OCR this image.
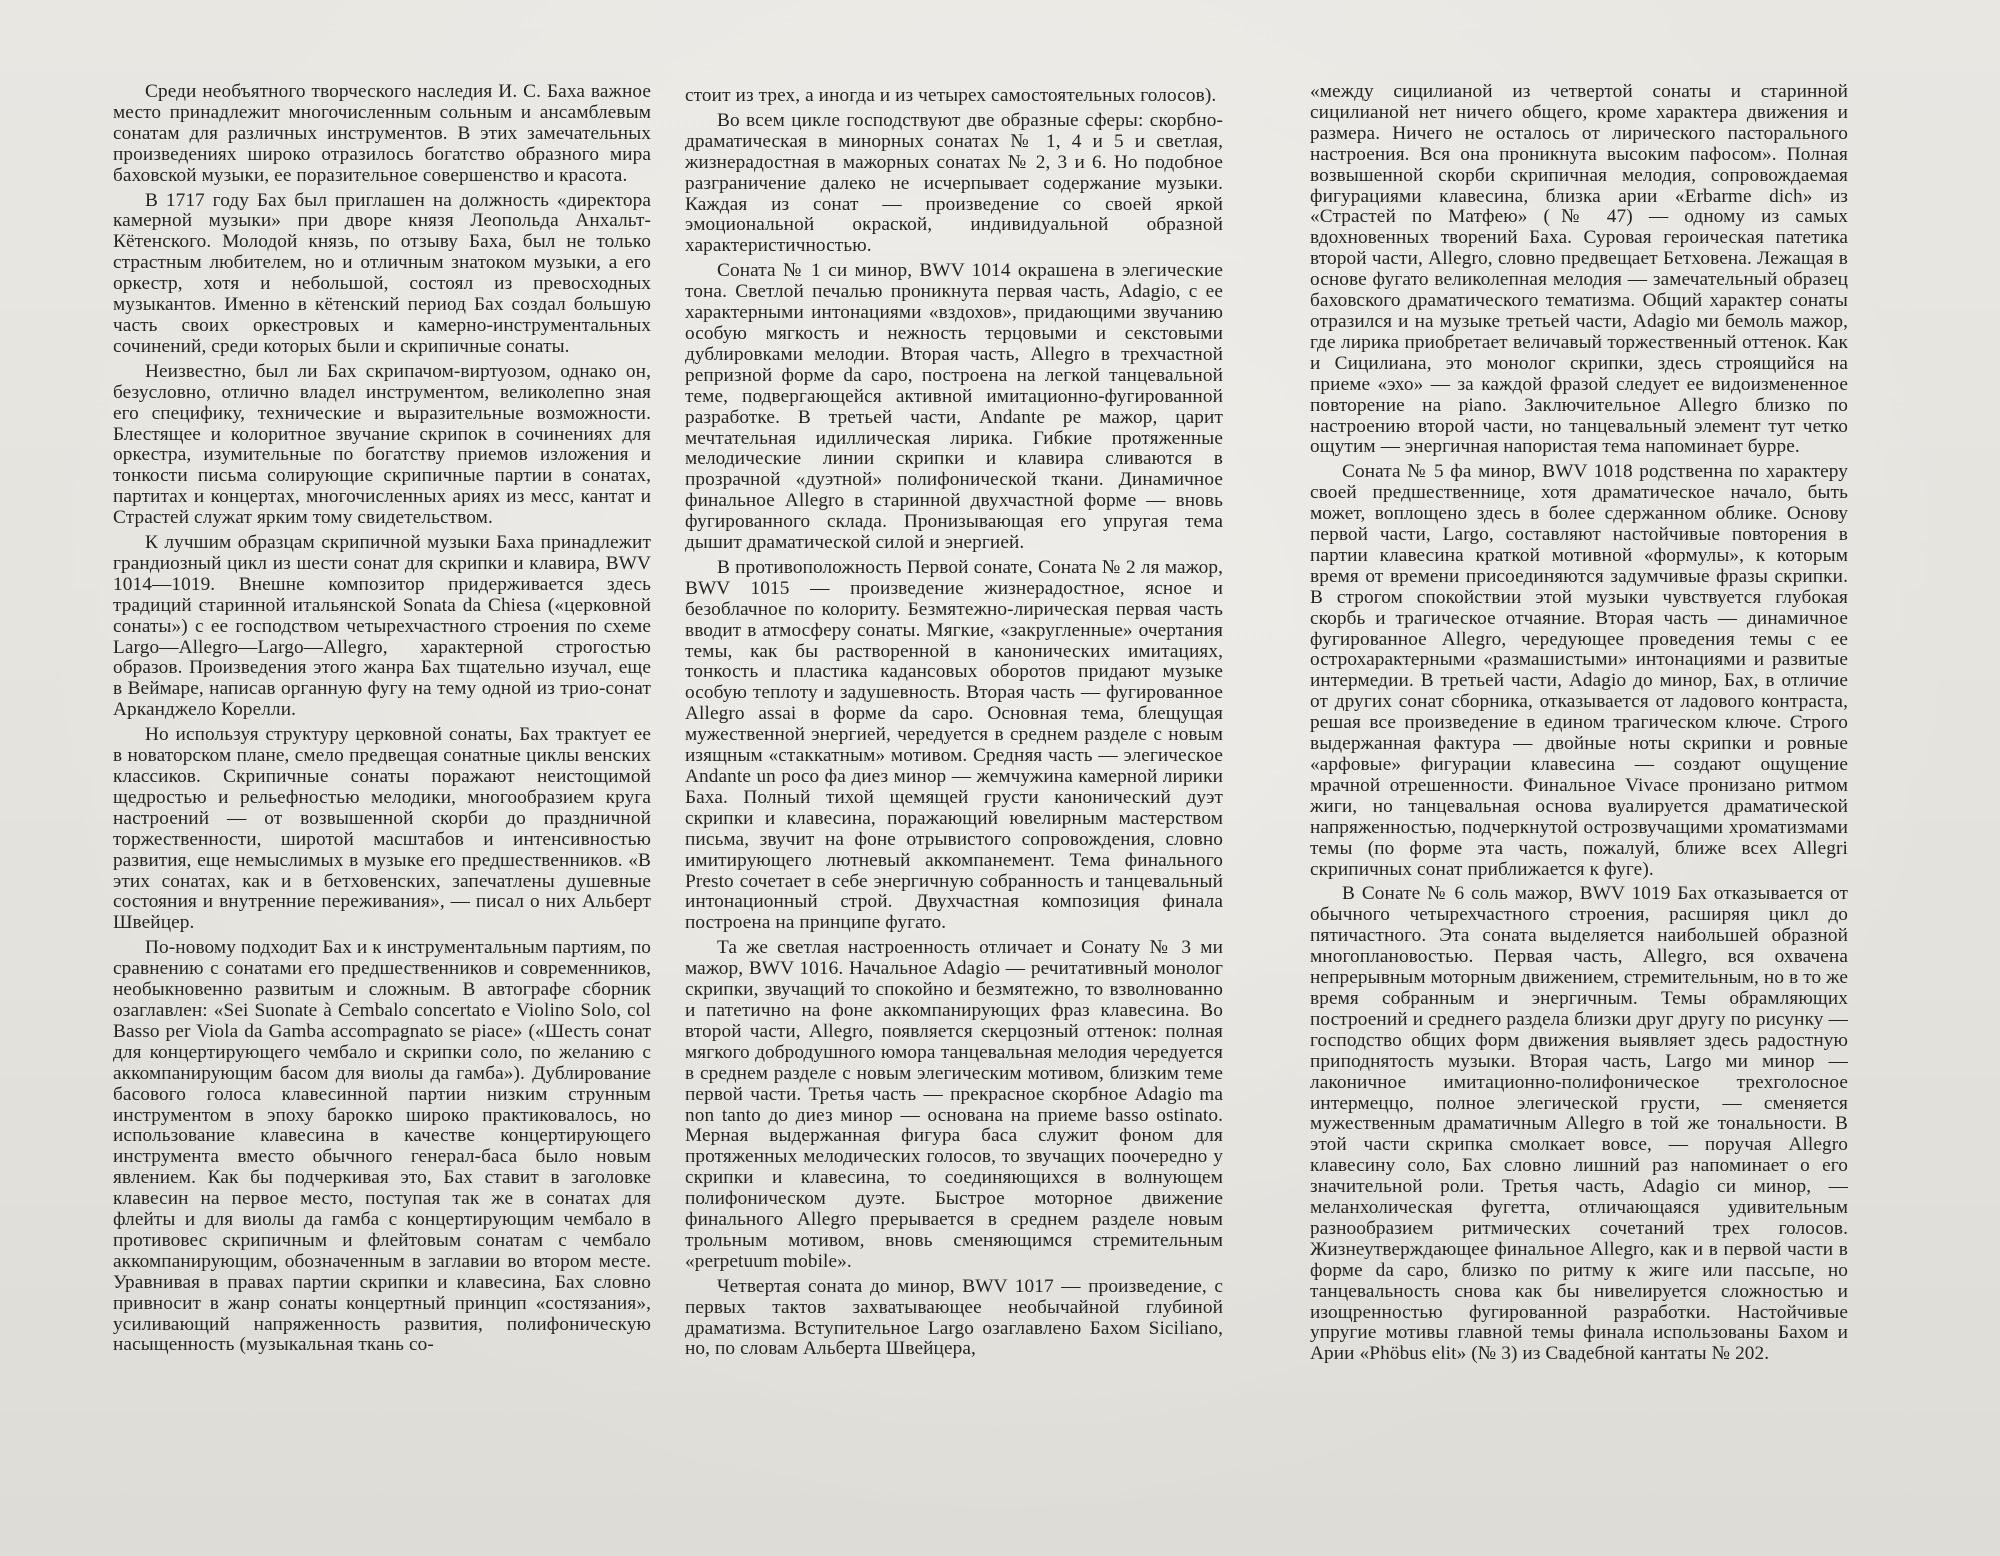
Среди необъятного творческого наследия И. С. Баха важное место принадлежит многочисленным сольным и ансамблевым сонатам для различных инструментов. В этих замечательных произведениях широко отразилось богатство образного мира баховской музыки, ее поразительное совершенство и красота.

В 1717 году Бах был приглашен на должность «директора камерной музыки» при дворе князя Леопольда Анхальт-Кётенского. Молодой князь, по отзыву Баха, был не только страстным любителем, но и отличным знатоком музыки, а его оркестр, хотя и небольшой, состоял из превосходных музыкантов. Именно в кётенский период Бах создал большую часть своих оркестровых и камерно-инструментальных сочинений, среди которых были и скрипичные сонаты.

Неизвестно, был ли Бах скрипачом-виртуозом, однако он, безусловно, отлично владел инструментом, великолепно зная его специфику, технические и выразительные возможности. Блестящее и колоритное звучание скрипок в сочинениях для оркестра, изумительные по богатству приемов изложения и тонкости письма солирующие скрипичные партии в сонатах, партитах и концертах, многочисленных ариях из месс, кантат и Страстей служат ярким тому свидетельством.

К лучшим образцам скрипичной музыки Баха принадлежит грандиозный цикл из шести сонат для скрипки и клавира, BWV 1014—1019. Внешне композитор придерживается здесь традиций старинной итальянской Sonata da Chiesa («церковной сонаты») с ее господством четырехчастного строения по схеме Largo—Allegro—Largo—Allegro, характерной строгостью образов. Произведения этого жанра Бах тщательно изучал, еще в Веймаре, написав органную фугу на тему одной из трио-сонат Арканджело Корелли.

Но используя структуру церковной сонаты, Бах трактует ее в новаторском плане, смело предвещая сонатные циклы венских классиков. Скрипичные сонаты поражают неистощимой щедростью и рельефностью мелодики, многообразием круга настроений — от возвышенной скорби до праздничной торжественности, широтой масштабов и интенсивностью развития, еще немыслимых в музыке его предшественников. «В этих сонатах, как и в бетховенских, запечатлены душевные состояния и внутренние переживания», — писал о них Альберт Швейцер.

По-новому подходит Бах и к инструментальным партиям, по сравнению с сонатами его предшественников и современников, необыкновенно развитым и сложным. В автографе сборник озаглавлен: «Sei Suonate à Cembalo concertato e Violino Solo, col Basso per Viola da Gamba accompagnato se piace» («Шесть сонат для концертирующего чембало и скрипки соло, по желанию с аккомпанирующим басом для виолы да гамба»). Дублирование басового голоса клавесинной партии низким струнным инструментом в эпоху барокко широко практиковалось, но использование клавесина в качестве концертирующего инструмента вместо обычного генерал-баса было новым явлением. Как бы подчеркивая это, Бах ставит в заголовке клавесин на первое место, поступая так же в сонатах для флейты и для виолы да гамба с концертирующим чембало в противовес скрипичным и флейтовым сонатам с чембало аккомпанирующим, обозначенным в заглавии во втором месте. Уравнивая в правах партии скрипки и клавесина, Бах словно привносит в жанр сонаты концертный принцип «состязания», усиливающий напряженность развития, полифоническую насыщенность (музыкальная ткань со-

стоит из трех, а иногда и из четырех самостоятельных голосов).

Во всем цикле господствуют две образные сферы: скорбно-драматическая в минорных сонатах № 1, 4 и 5 и светлая, жизнерадостная в мажорных сонатах № 2, 3 и 6. Но подобное разграничение далеко не исчерпывает содержание музыки. Каждая из сонат — произведение со своей яркой эмоциональной окраской, индивидуальной образной характеристичностью.

Соната № 1 си минор, BWV 1014 окрашена в элегические тона. Светлой печалью проникнута первая часть, Adagio, с ее характерными интонациями «вздохов», придающими звучанию особую мягкость и нежность терцовыми и секстовыми дублировками мелодии. Вторая часть, Allegro в трехчастной репризной форме da capo, построена на легкой танцевальной теме, подвергающейся активной имитационно-фугированной разработке. В третьей части, Andante ре мажор, царит мечтательная идиллическая лирика. Гибкие протяженные мелодические линии скрипки и клавира сливаются в прозрачной «дуэтной» полифонической ткани. Динамичное финальное Allegro в старинной двухчастной форме — вновь фугированного склада. Пронизывающая его упругая тема дышит драматической силой и энергией.

В противоположность Первой сонате, Соната № 2 ля мажор, BWV 1015 — произведение жизнерадостное, ясное и безоблачное по колориту. Безмятежно-лирическая первая часть вводит в атмосферу сонаты. Мягкие, «закругленные» очертания темы, как бы растворенной в канонических имитациях, тонкость и пластика кадансовых оборотов придают музыке особую теплоту и задушевность. Вторая часть — фугированное Allegro assai в форме da capo. Основная тема, блещущая мужественной энергией, чередуется в среднем разделе с новым изящным «стаккатным» мотивом. Средняя часть — элегическое Andante un poco фа диез минор — жемчужина камерной лирики Баха. Полный тихой щемящей грусти канонический дуэт скрипки и клавесина, поражающий ювелирным мастерством письма, звучит на фоне отрывистого сопровождения, словно имитирующего лютневый аккомпанемент. Тема финального Presto сочетает в себе энергичную собранность и танцевальный интонационный строй. Двухчастная композиция финала построена на принципе фугато.

Та же светлая настроенность отличает и Сонату № 3 ми мажор, BWV 1016. Начальное Adagio — речитативный монолог скрипки, звучащий то спокойно и безмятежно, то взволнованно и патетично на фоне аккомпанирующих фраз клавесина. Во второй части, Allegro, появляется скерцозный оттенок: полная мягкого добродушного юмора танцевальная мелодия чередуется в среднем разделе с новым элегическим мотивом, близким теме первой части. Третья часть — прекрасное скорбное Adagio ma non tanto до диез минор — основана на приеме basso ostinato. Мерная выдержанная фигура баса служит фоном для протяженных мелодических голосов, то звучащих поочередно у скрипки и клавесина, то соединяющихся в волнующем полифоническом дуэте. Быстрое моторное движение финального Allegro прерывается в среднем разделе новым трольным мотивом, вновь сменяющимся стремительным «perpetuum mobile».

Четвертая соната до минор, BWV 1017 — произведение, с первых тактов захватывающее необычайной глубиной драматизма. Вступительное Largo озаглавлено Бахом Siciliano, но, по словам Альберта Швейцера,

«между сицилианой из четвертой сонаты и старинной сицилианой нет ничего общего, кроме характера движения и размера. Ничего не осталось от лирического пасторального настроения. Вся она проникнута высоким пафосом». Полная возвышенной скорби скрипичная мелодия, сопровождаемая фигурациями клавесина, близка арии «Erbarme dich» из «Страстей по Матфею» (№ 47) — одному из самых вдохновенных творений Баха. Суровая героическая патетика второй части, Allegro, словно предвещает Бетховена. Лежащая в основе фугато великолепная мелодия — замечательный образец баховского драматического тематизма. Общий характер сонаты отразился и на музыке третьей части, Adagio ми бемоль мажор, где лирика приобретает величавый торжественный оттенок. Как и Сицилиана, это монолог скрипки, здесь строящийся на приеме «эхо» — за каждой фразой следует ее видоизмененное повторение на piano. Заключительное Allegro близко по настроению второй части, но танцевальный элемент тут четко ощутим — энергичная напористая тема напоминает бурре.

Соната № 5 фа минор, BWV 1018 родственна по характеру своей предшественнице, хотя драматическое начало, быть может, воплощено здесь в более сдержанном облике. Основу первой части, Largo, составляют настойчивые повторения в партии клавесина краткой мотивной «формулы», к которым время от времени присоединяются задумчивые фразы скрипки. В строгом спокойствии этой музыки чувствуется глубокая скорбь и трагическое отчаяние. Вторая часть — динамичное фугированное Allegro, чередующее проведения темы с ее острохарактерными «размашистыми» интонациями и развитые интермедии. В третьей части, Adagio до минор, Бах, в отличие от других сонат сборника, отказывается от ладового контраста, решая все произведение в едином трагическом ключе. Строго выдержанная фактура — двойные ноты скрипки и ровные «арфовые» фигурации клавесина — создают ощущение мрачной отрешенности. Финальное Vivace пронизано ритмом жиги, но танцевальная основа вуалируется драматической напряженностью, подчеркнутой острозвучащими хроматизмами темы (по форме эта часть, пожалуй, ближе всех Allegri скрипичных сонат приближается к фуге).

В Сонате № 6 соль мажор, BWV 1019 Бах отказывается от обычного четырехчастного строения, расширяя цикл до пятичастного. Эта соната выделяется наибольшей образной многоплановостью. Первая часть, Allegro, вся охвачена непрерывным моторным движением, стремительным, но в то же время собранным и энергичным. Темы обрамляющих построений и среднего раздела близки друг другу по рисунку — господство общих форм движения выявляет здесь радостную приподнятость музыки. Вторая часть, Largo ми минор — лаконичное имитационно-полифоническое трехголосное интермеццо, полное элегической грусти, — сменяется мужественным драматичным Allegro в той же тональности. В этой части скрипка смолкает вовсе, — поручая Allegro клавесину соло, Бах словно лишний раз напоминает о его значительной роли. Третья часть, Adagio си минор, — меланхолическая фугетта, отличающаяся удивительным разнообразием ритмических сочетаний трех голосов. Жизнеутверждающее финальное Allegro, как и в первой части в форме da capo, близко по ритму к жиге или пассьпе, но танцевальность снова как бы нивелируется сложностью и изощренностью фугированной разработки. Настойчивые упругие мотивы главной темы финала использованы Бахом и Арии «Phöbus elit» (№ 3) из Свадебной кантаты № 202.
